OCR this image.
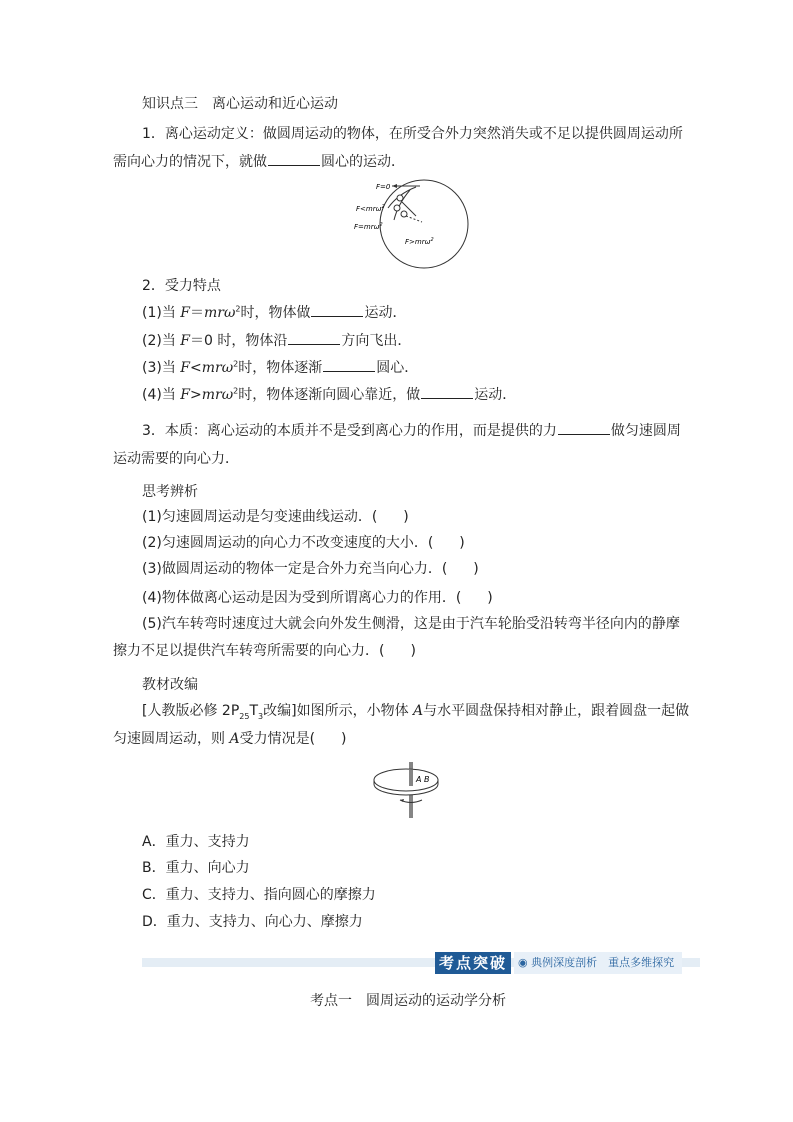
知识点三　离心运动和近心运动
1．离心运动定义：做圆周运动的物体，在所受合外力突然消失或不足以提供圆周运动所
需向心力的情况下，就做	圆心的运动．
F=0
F<mrω$^2$
F=mrω$^2$
F>mrω$^2$
2．受力特点
(1)当 F＝mrω$^2$时，物体做	运动．
(2)当 F＝0 时，物体沿	方向飞出．
(3)当 F<mrω$^2$时，物体逐渐	圆心．
(4)当 F>mrω$^2$时，物体逐渐向圆心靠近，做	运动．
3．本质：离心运动的本质并不是受到离心力的作用，而是提供的力	做匀速圆周
运动需要的向心力．
思考辨析
(1)匀速圆周运动是匀变速曲线运动．( )
(2)匀速圆周运动的向心力不改变速度的大小．( )
(3)做圆周运动的物体一定是合外力充当向心力．( )
(4)物体做离心运动是因为受到所谓离心力的作用．( )
(5)汽车转弯时速度过大就会向外发生侧滑，这是由于汽车轮胎受沿转弯半径向内的静摩
擦力不足以提供汽车转弯所需要的向心力．( )
教材改编
[人教版必修 $2P_{25}T_3$改编]如图所示，小物体 A与水平圆盘保持相对静止，跟着圆盘一起做
匀速圆周运动，则 A受力情况是( )
A B
A．重力、支持力
B．重力、向心力
C．重力、支持力、指向圆心的摩擦力
D．重力、支持力、向心力、摩擦力
考点突破	◉ 典例深度剖析　重点多维探究
考点一　圆周运动的运动学分析
